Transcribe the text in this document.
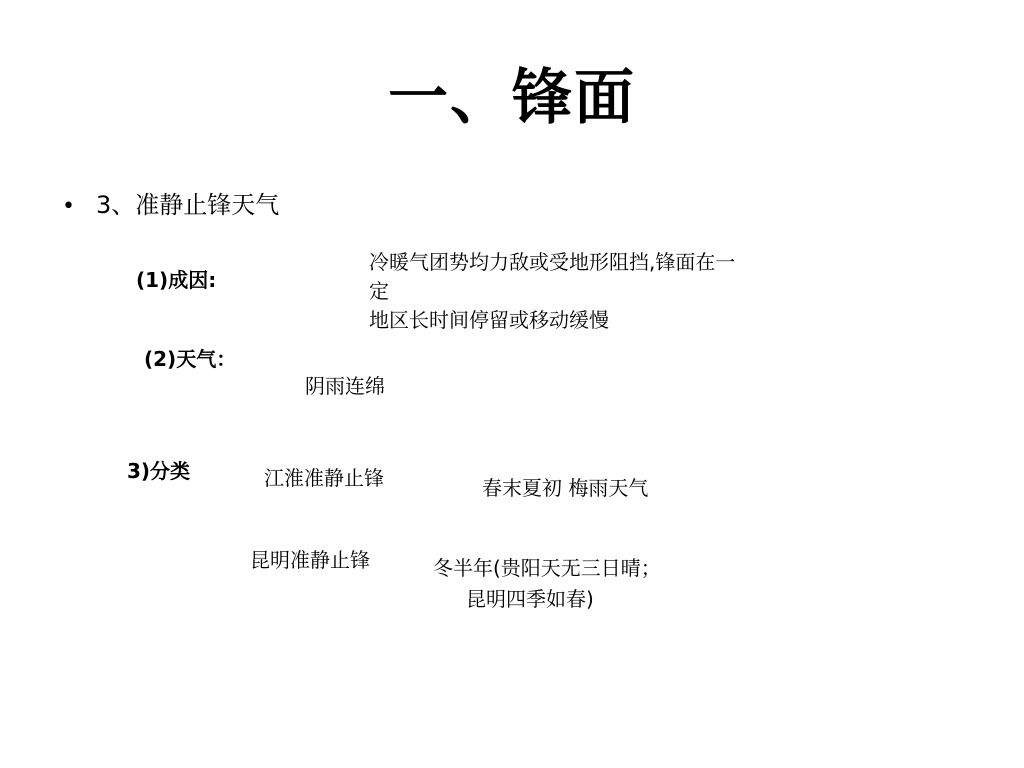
一、锋面
• 3、准静止锋天气
(1)成因:
冷暖气团势均力敌或受地形阻挡,锋面在一
定
地区长时间停留或移动缓慢
(2)天气：
阴雨连绵
3)分类	江淮准静止锋	春末夏初 梅雨天气
昆明准静止锋	冬半年(贵阳天无三日晴；
昆明四季如春)
